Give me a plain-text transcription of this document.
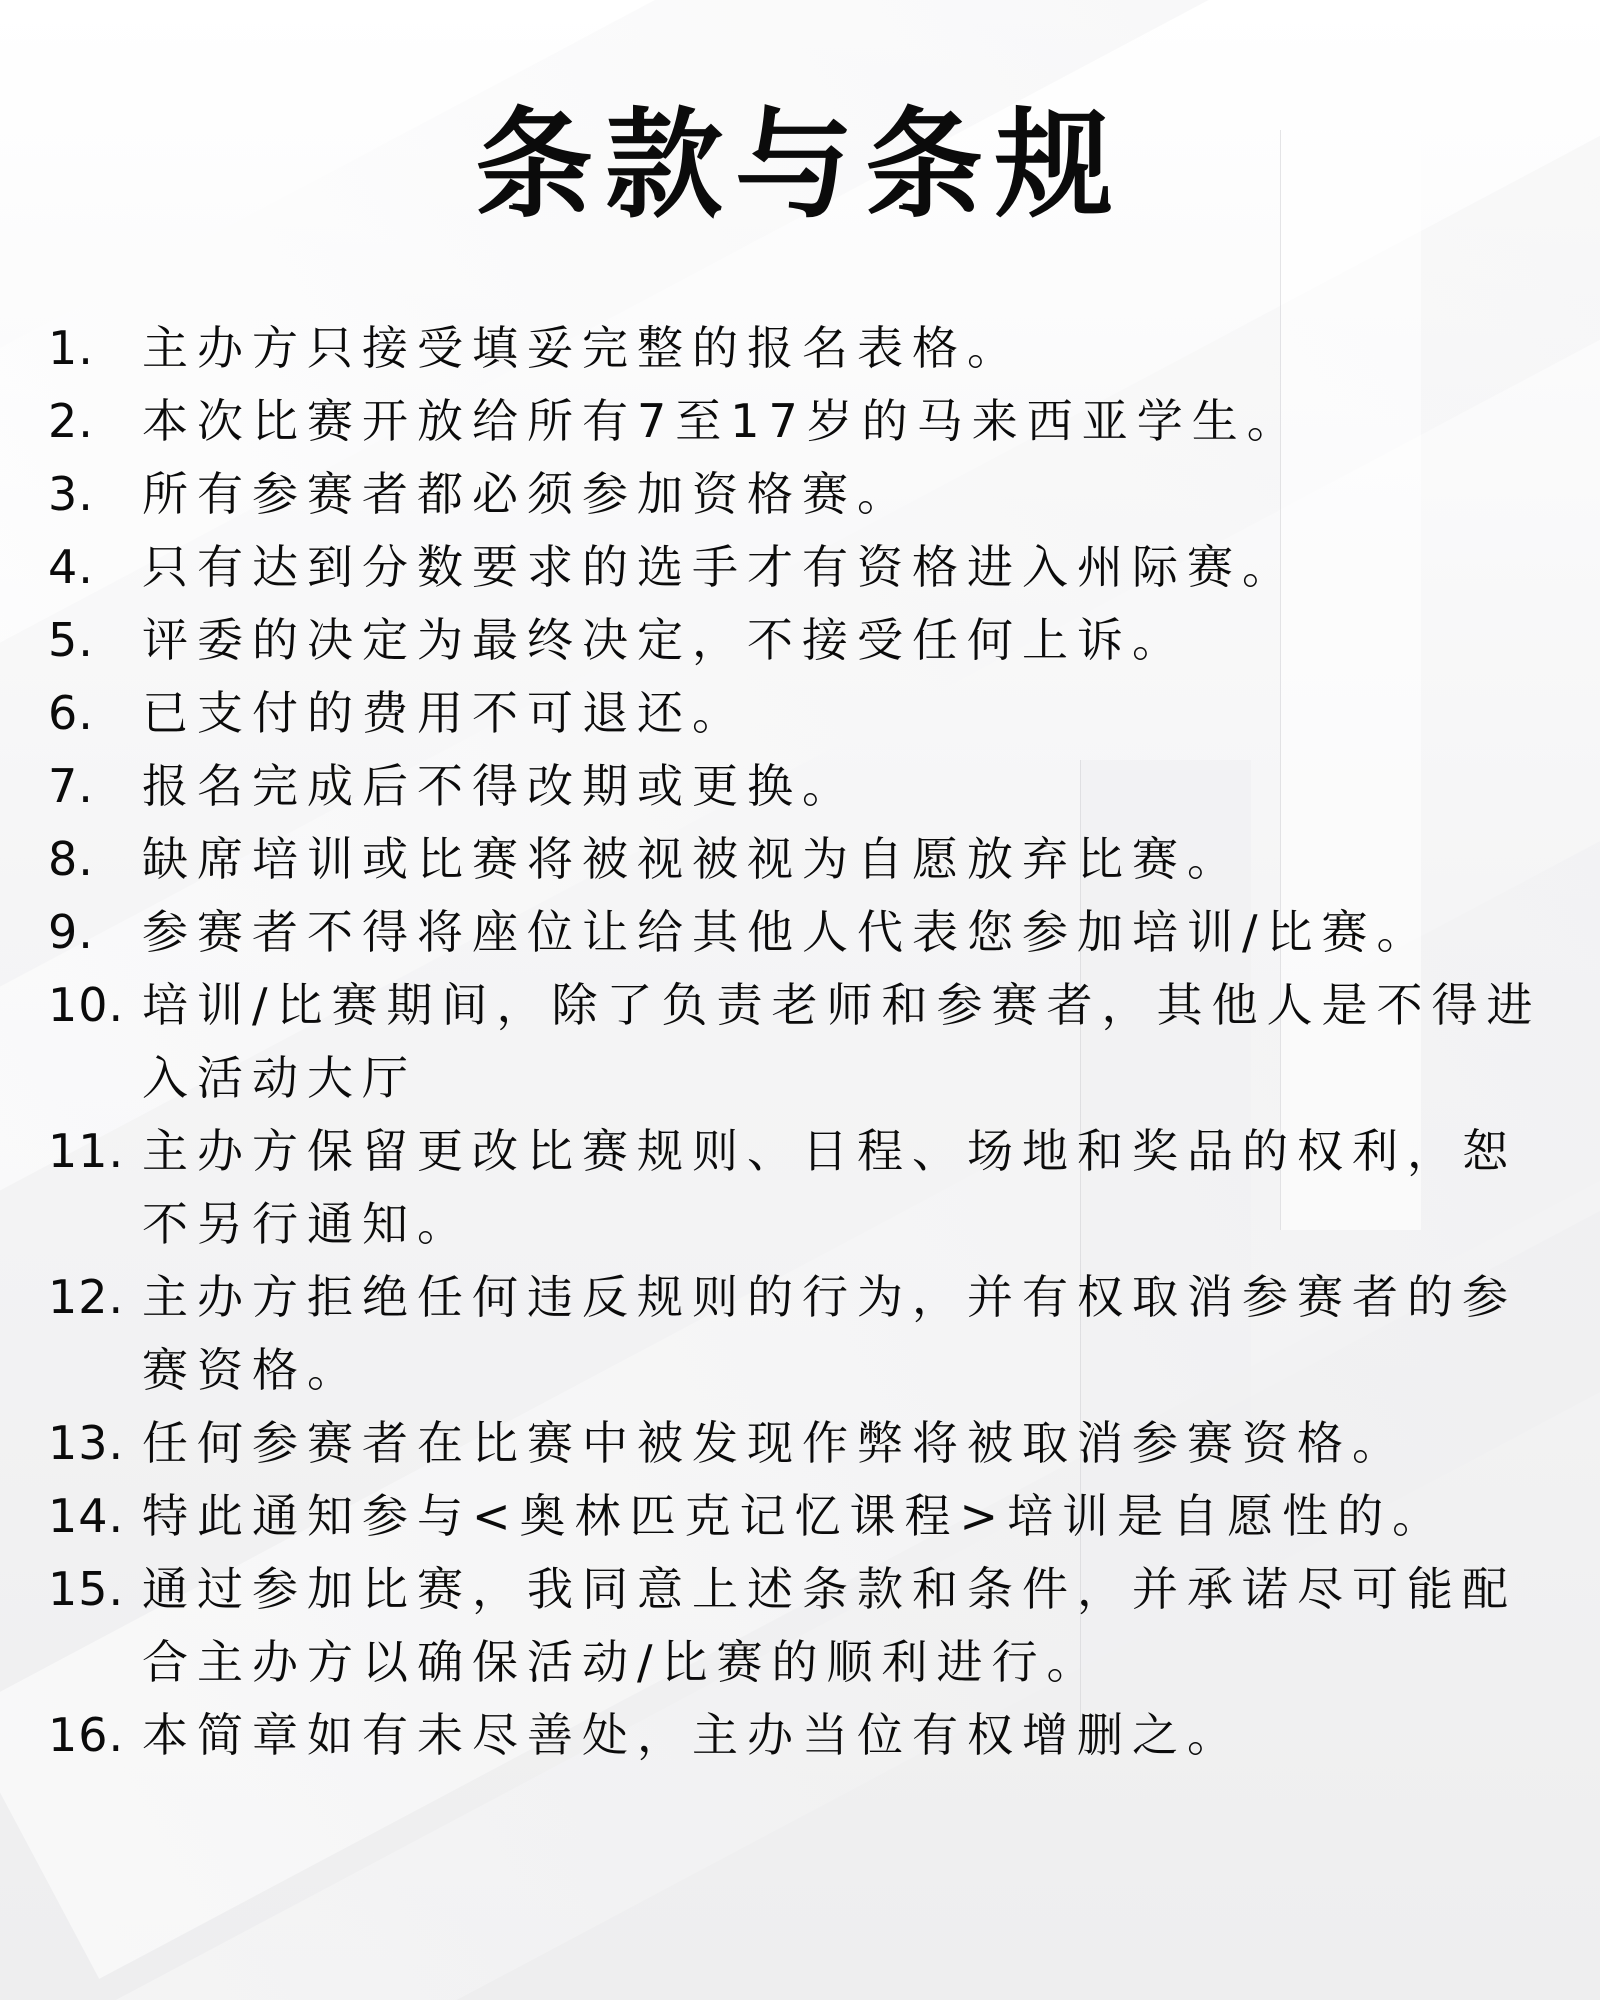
条款与条规
1.	主办方只接受填妥完整的报名表格。
2.	本次比赛开放给所有7至17岁的马来西亚学生。
3.	所有参赛者都必须参加资格赛。
4.	只有达到分数要求的选手才有资格进入州际赛。
5.	评委的决定为最终决定，不接受任何上诉。
6.	已支付的费用不可退还。
7.	报名完成后不得改期或更换。
8.	缺席培训或比赛将被视被视为自愿放弃比赛。
9.	参赛者不得将座位让给其他人代表您参加培训/比赛。
10. 培训/比赛期间，除了负责老师和参赛者，其他人是不得进入活动大厅
11. 主办方保留更改比赛规则、日程、场地和奖品的权利，恕不另行通知。
12. 主办方拒绝任何违反规则的行为，并有权取消参赛者的参赛资格。
13. 任何参赛者在比赛中被发现作弊将被取消参赛资格。
14. 特此通知参与<奥林匹克记忆课程>培训是自愿性的。
15. 通过参加比赛，我同意上述条款和条件，并承诺尽可能配合主办方以确保活动/比赛的顺利进行。
16. 本简章如有未尽善处，主办当位有权增删之。
